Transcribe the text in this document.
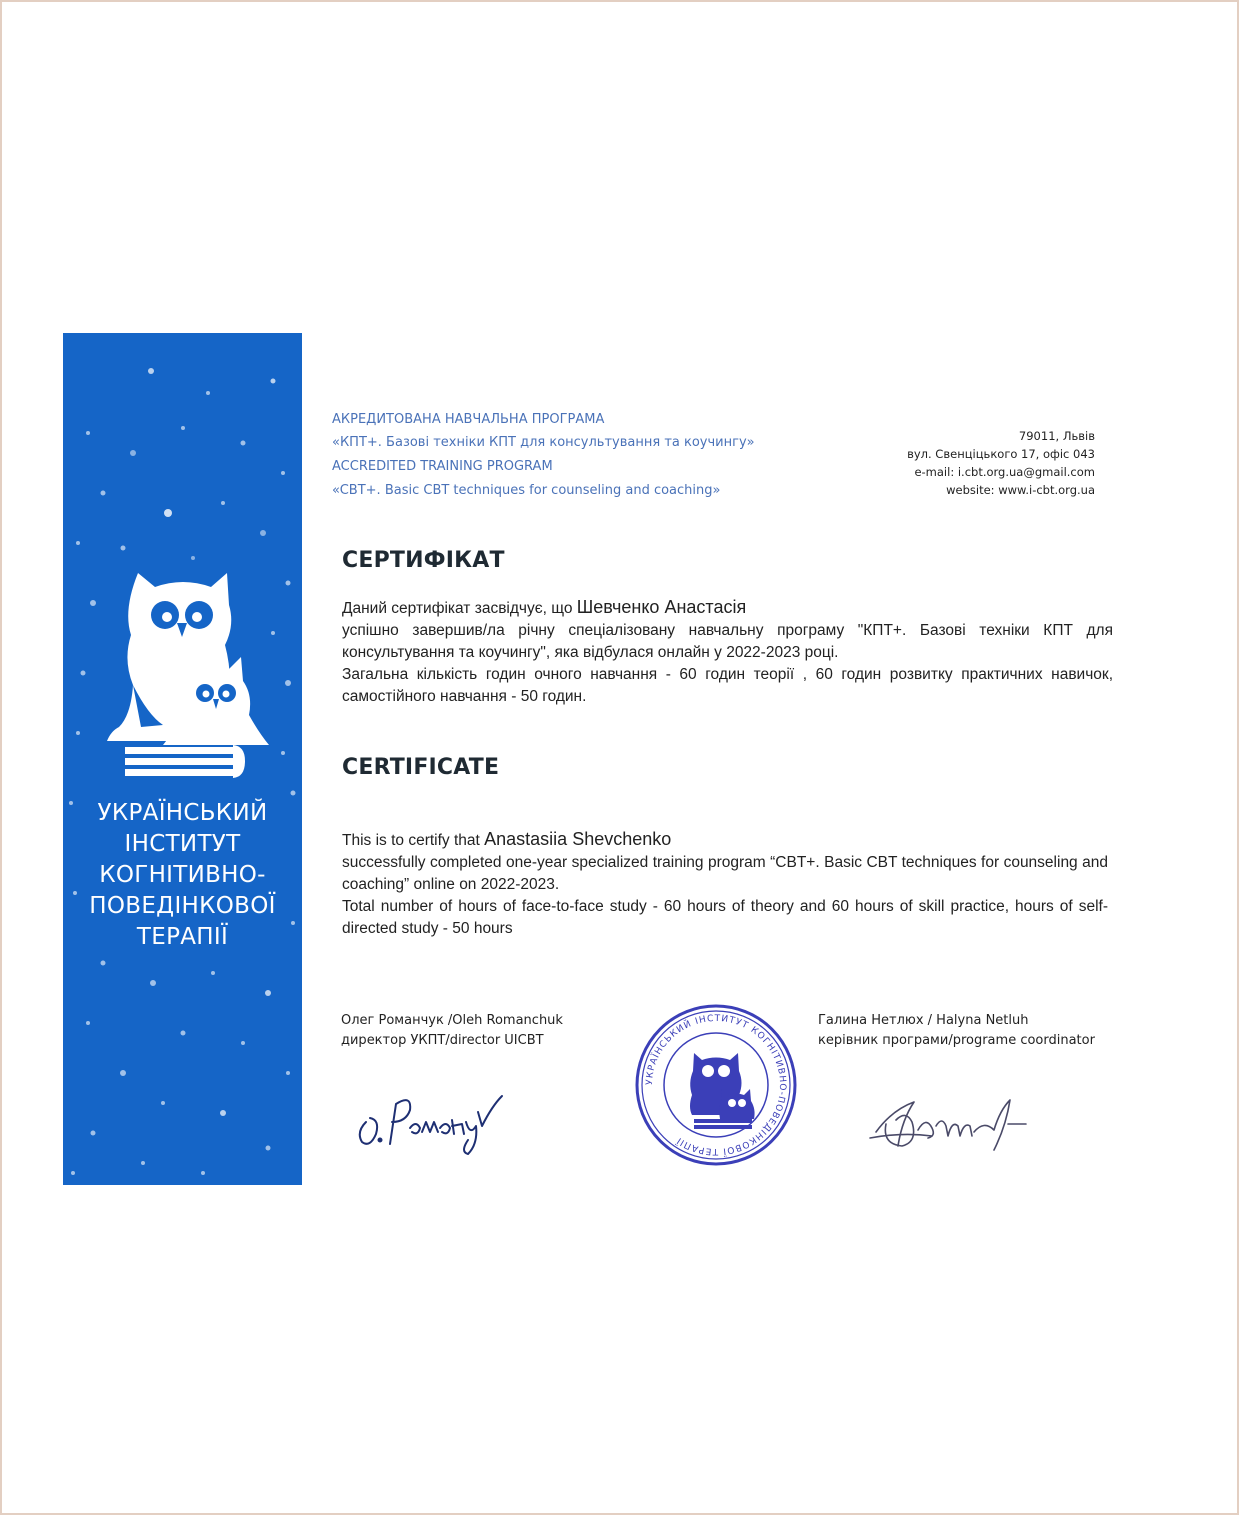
УКРАЇНСЬКИЙ
ІНСТИТУТ
КОГНІТИВНО-
ПОВЕДІНКОВОЇ
ТЕРАПІЇ
АКРЕДИТОВАНА НАВЧАЛЬНА ПРОГРАМА
«КПТ+. Базові техніки КПТ для консультування та коучингу»
ACCREDITED TRAINING PROGRAM
«CBT+. Basic CBT techniques for counseling and coaching»
79011, Львів
вул. Свенціцького 17, офіс 043
e-mail: i.cbt.org.ua@gmail.com
website: www.i-cbt.org.ua
СЕРТИФІКАТ

Даний сертифікат засвідчує, що Шевченко Анастасія

успішно завершив/ла річну спеціалізовану навчальну програму "КПТ+. Базові техніки КПТ для консультування та коучингу", яка відбулася онлайн у 2022-2023 році.

Загальна кількість годин очного навчання - 60 годин теорії , 60 годин розвитку практичних навичок, самостійного навчання - 50 годин.

CERTIFICATE

This is to certify that Anastasiia Shevchenko

successfully completed one-year specialized training program “CBT+. Basic CBT techniques for counseling and coaching” online on 2022-2023.

Total number of hours of face-to-face study - 60 hours of theory and 60 hours of skill practice, hours of self-directed study - 50 hours

Олег Романчук /Oleh Romanchuk
директор УКПТ/director UICBT
Галина Нетлюх / Halyna Netluh
керівник програми/programe coordinator
УКРАЇНСЬКИЙ ІНСТИТУТ КОГНІТИВНО-ПОВЕДІНКОВОЇ ТЕРАПІЇ
